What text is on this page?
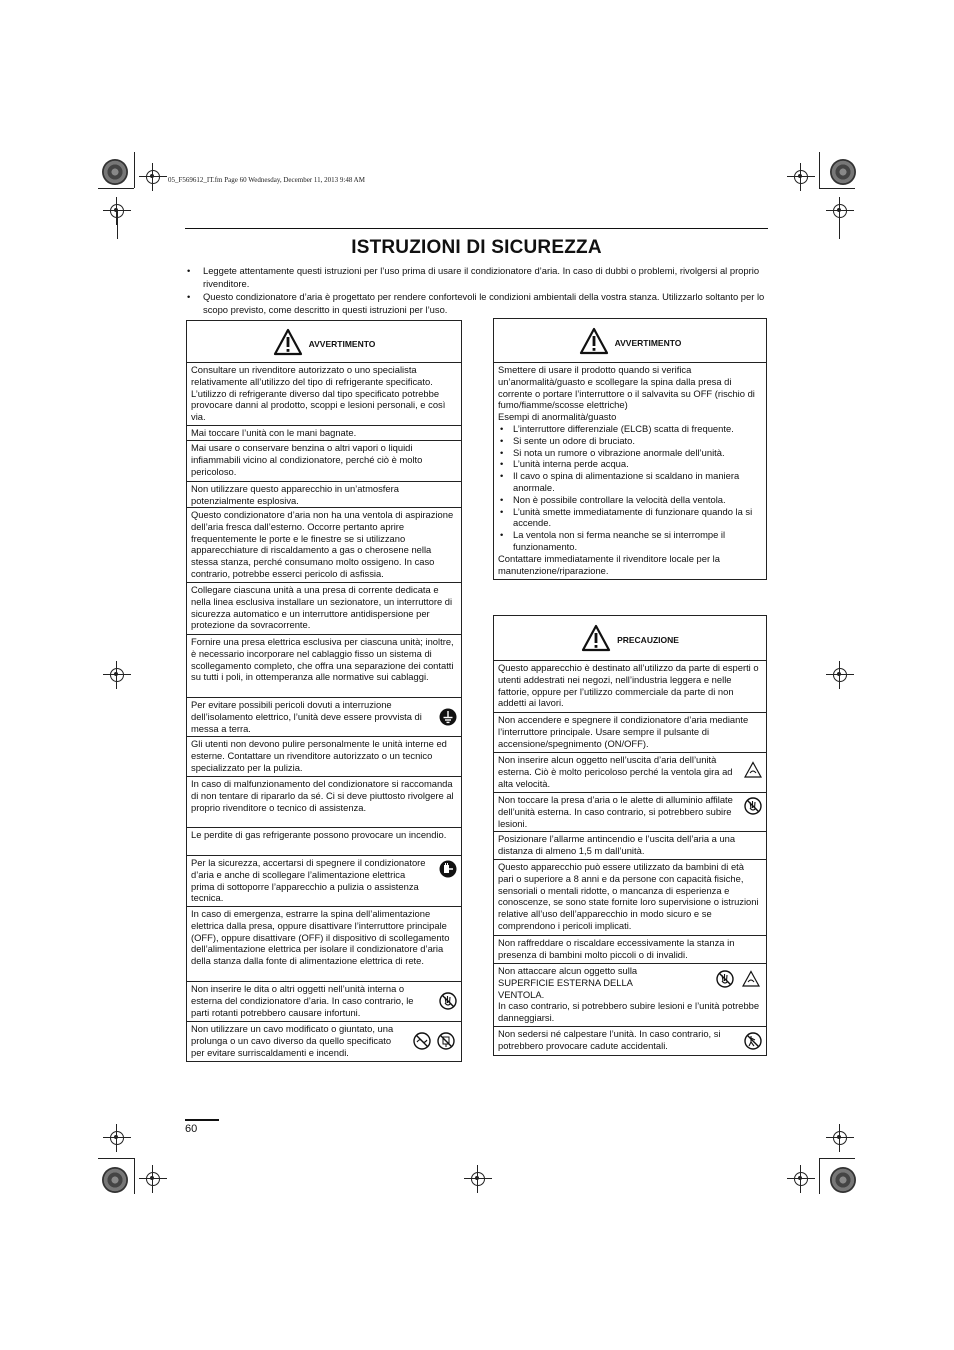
05_F569612_IT.fm Page 60 Wednesday, December 11, 2013 9:48 AM
ISTRUZIONI DI SICUREZZA
• Leggete attentamente questi istruzioni per l’uso prima di usare il condizionatore d’aria. In caso di dubbi o problemi, rivolgersi al proprio rivenditore.
• Questo condizionatore d’aria è progettato per rendere confortevoli le condizioni ambientali della vostra stanza. Utilizzarlo soltanto per lo scopo previsto, come descritto in questi istruzioni per l’uso.
AVVERTIMENTO
Consultare un rivenditore autorizzato o uno specialista relativamente all’utilizzo del tipo di refrigerante specificato. L’utilizzo di refrigerante diverso dal tipo specificato potrebbe provocare danni al prodotto, scoppi e lesioni personali, e così via.
Mai toccare l’unità con le mani bagnate.
Mai usare o conservare benzina o altri vapori o liquidi infiammabili vicino al condizionatore, perché ciò è molto pericoloso.
Non utilizzare questo apparecchio in un’atmosfera potenzialmente esplosiva.
Questo condizionatore d’aria non ha una ventola di aspirazione dell’aria fresca dall’esterno. Occorre pertanto aprire frequentemente le porte e le finestre se si utilizzano apparecchiature di riscaldamento a gas o cherosene nella stessa stanza, perché consumano molto ossigeno. In caso contrario, potrebbe esserci pericolo di asfissia.
Collegare ciascuna unità a una presa di corrente dedicata e nella linea esclusiva installare un sezionatore, un interruttore di sicurezza automatico e un interruttore antidispersione per protezione da sovracorrente.
Fornire una presa elettrica esclusiva per ciascuna unità; inoltre, è necessario incorporare nel cablaggio fisso un sistema di scollegamento completo, che offra una separazione dei contatti su tutti i poli, in ottemperanza alle normative sui cablaggi.
Per evitare possibili pericoli dovuti a interruzione dell’isolamento elettrico, l’unità deve essere provvista di messa a terra.
Gli utenti non devono pulire personalmente le unità interne ed esterne. Contattare un rivenditore autorizzato o un tecnico specializzato per la pulizia.
In caso di malfunzionamento del condizionatore si raccomanda di non tentare di ripararlo da sé. Ci si deve piuttosto rivolgere al proprio rivenditore o tecnico di assistenza.
Le perdite di gas refrigerante possono provocare un incendio.
Per la sicurezza, accertarsi di spegnere il condizionatore d’aria e anche di scollegare l’alimentazione elettrica prima di sottoporre l’apparecchio a pulizia o assistenza tecnica.
In caso di emergenza, estrarre la spina dell’alimentazione elettrica dalla presa, oppure disattivare l’interruttore principale (OFF), oppure disattivare (OFF) il dispositivo di scollegamento dell’alimentazione elettrica per isolare il condizionatore d’aria della stanza dalla fonte di alimentazione elettrica di rete.
Non inserire le dita o altri oggetti nell’unità interna o esterna del condizionatore d’aria. In caso contrario, le parti rotanti potrebbero causare infortuni.
Non utilizzare un cavo modificato o giuntato, una prolunga o un cavo diverso da quello specificato per evitare surriscaldamenti e incendi.
AVVERTIMENTO
Smettere di usare il prodotto quando si verifica un’anormalità/guasto e scollegare la spina dalla presa di corrente o portare l’interruttore o il salvavita su OFF (rischio di fumo/fiamme/scosse elettriche)
Esempi di anormalità/guasto
• L’interruttore differenziale (ELCB) scatta di frequente.
• Si sente un odore di bruciato.
• Si nota un rumore o vibrazione anormale dell’unità.
• L’unità interna perde acqua.
• Il cavo o spina di alimentazione si scaldano in maniera anormale.
• Non è possibile controllare la velocità della ventola.
• L’unità smette immediatamente di funzionare quando la si accende.
• La ventola non si ferma neanche se si interrompe il funzionamento.
Contattare immediatamente il rivenditore locale per la manutenzione/riparazione.
PRECAUZIONE
Questo apparecchio è destinato all’utilizzo da parte di esperti o utenti addestrati nei negozi, nell’industria leggera e nelle fattorie, oppure per l’utilizzo commerciale da parte di non addetti ai lavori.
Non accendere e spegnere il condizionatore d’aria mediante l’interruttore principale. Usare sempre il pulsante di accensione/spegnimento (ON/OFF).
Non inserire alcun oggetto nell’uscita d’aria dell’unità esterna. Ciò è molto pericoloso perché la ventola gira ad alta velocità.
Non toccare la presa d’aria o le alette di alluminio affilate dell’unità esterna. In caso contrario, si potrebbero subire lesioni.
Posizionare l’allarme antincendio e l’uscita dell’aria a una distanza di almeno 1,5 m dall’unità.
Questo apparecchio può essere utilizzato da bambini di età pari o superiore a 8 anni e da persone con capacità fisiche, sensoriali o mentali ridotte, o mancanza di esperienza e conoscenze, se sono state fornite loro supervisione o istruzioni relative all’uso dell’apparecchio in modo sicuro e se comprendono i pericoli implicati.
Non raffreddare o riscaldare eccessivamente la stanza in presenza di bambini molto piccoli o di invalidi.
Non attaccare alcun oggetto sulla SUPERFICIE ESTERNA DELLA VENTOLA.
In caso contrario, si potrebbero subire lesioni e l’unità potrebbe danneggiarsi.
Non sedersi né calpestare l’unità. In caso contrario, si potrebbero provocare cadute accidentali.
60
